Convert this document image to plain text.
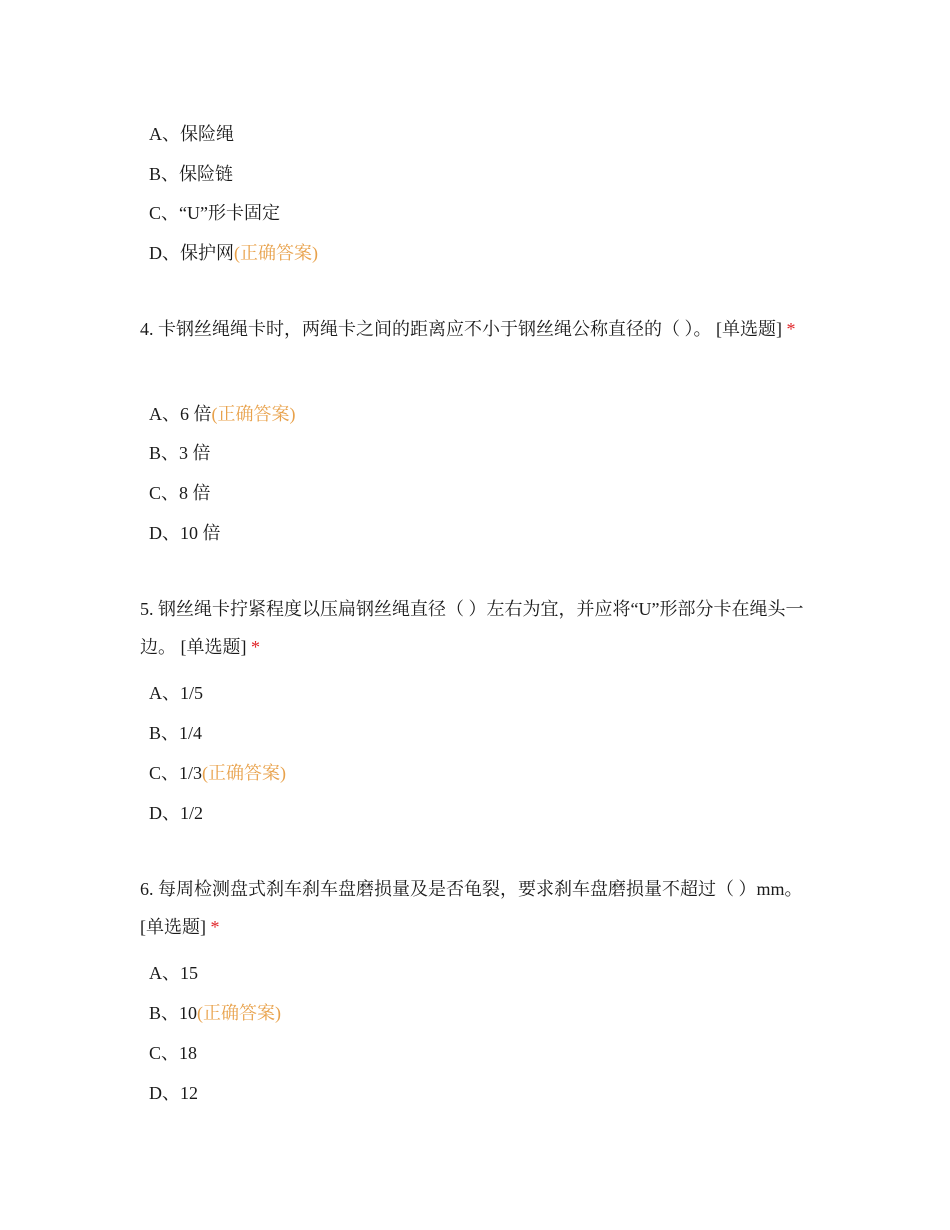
A、保险绳
B、保险链
C、“U”形卡固定
D、保护网(正确答案)
4. 卡钢丝绳绳卡时，两绳卡之间的距离应不小于钢丝绳公称直径的（ ）。 [单选题] *
A、6 倍(正确答案)
B、3 倍
C、8 倍
D、10 倍
5. 钢丝绳卡拧紧程度以压扁钢丝绳直径（ ）左右为宜，并应将“U”形部分卡在绳头一边。 [单选题] *
A、1/5
B、1/4
C、1/3(正确答案)
D、1/2
6. 每周检测盘式刹车刹车盘磨损量及是否龟裂，要求刹车盘磨损量不超过（ ）mm。 [单选题] *
A、15
B、10(正确答案)
C、18
D、12
